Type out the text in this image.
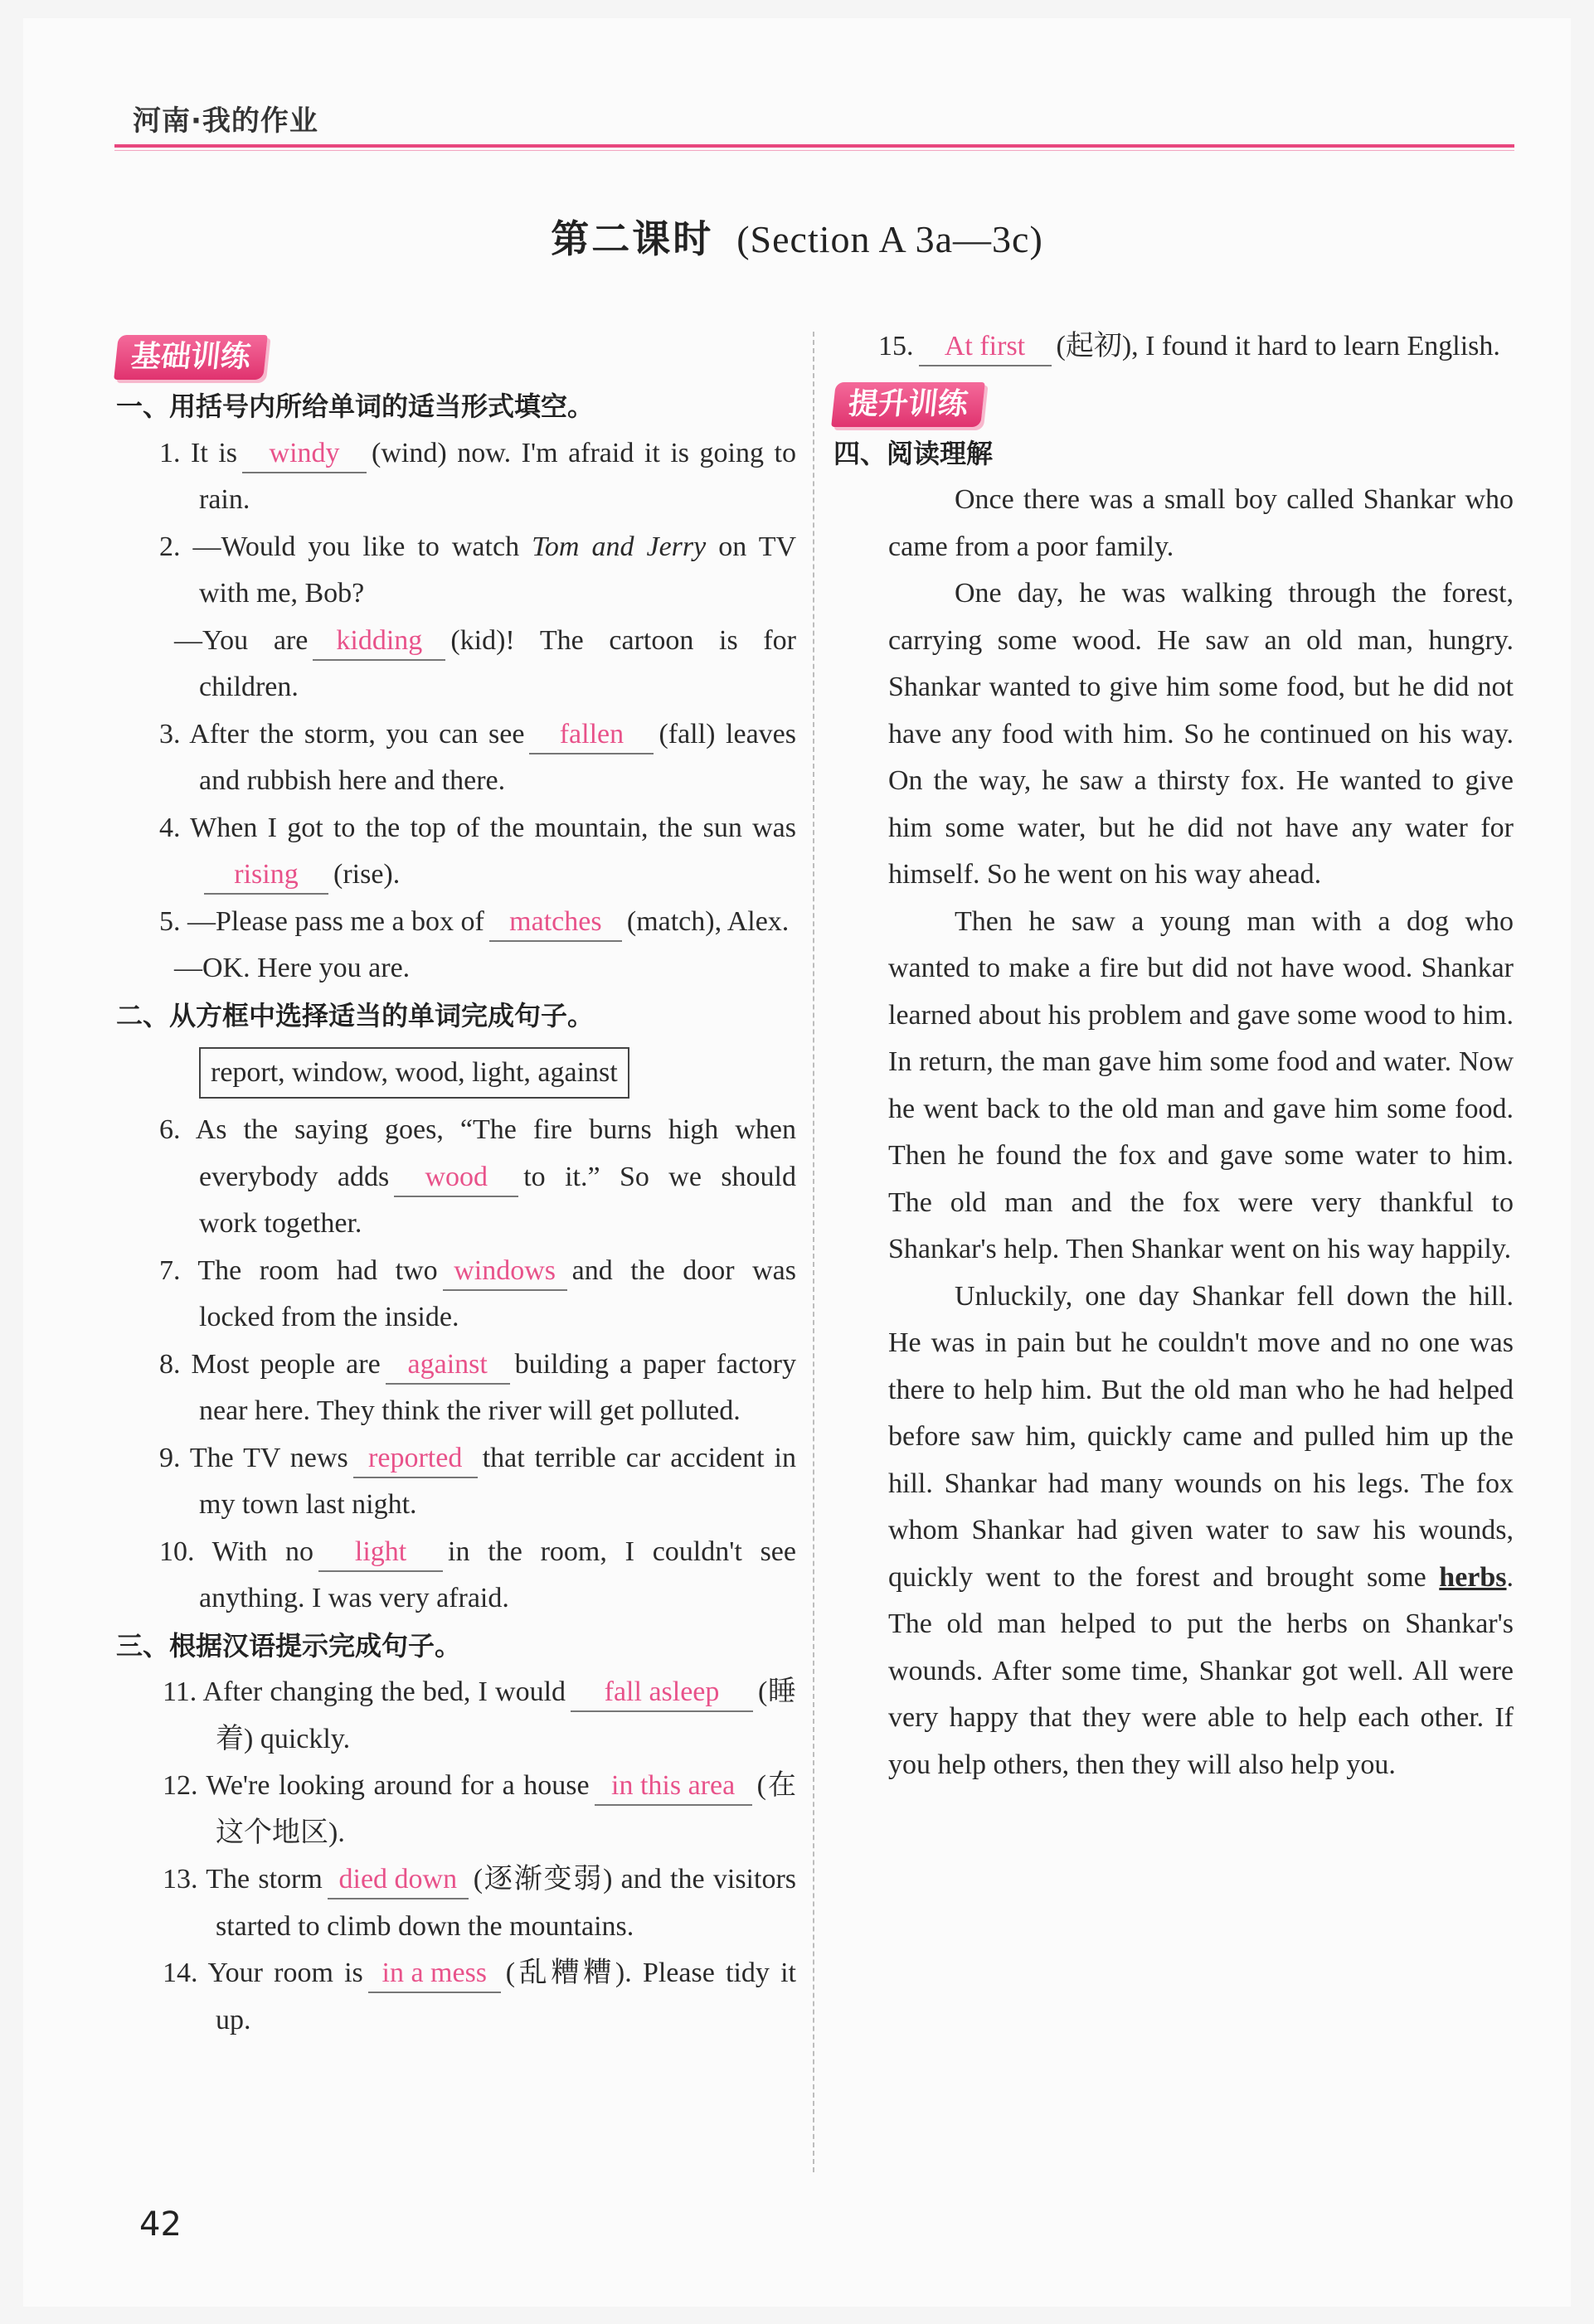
河南·我的作业
第二课时 (Section A 3a—3c)
基础训练

一、用括号内所给单词的适当形式填空。

1. It is windy (wind) now. I'm afraid it is going to rain.

2. —Would you like to watch Tom and Jerry on TV with me, Bob?

—You are kidding (kid)! The cartoon is for children.

3. After the storm, you can see fallen (fall) leaves and rubbish here and there.

4. When I got to the top of the mountain, the sun wasrising (rise).

5. —Please pass me a box of matches (match), Alex.

—OK. Here you are.

二、从方框中选择适当的单词完成句子。

report, window, wood, light, against

6. As the saying goes, “The fire burns high when everybody adds wood to it.” So we should work together.

7. The room had two windows and the door was locked from the inside.

8. Most people are against building a paper factory near here. They think the river will get polluted.

9. The TV news reported that terrible car accident in my town last night.

10. With no light in the room, I couldn't see anything. I was very afraid.

三、根据汉语提示完成句子。

11. After changing the bed, I would fall asleep (睡着) quickly.

12. We're looking around for a house in this area (在这个地区).

13. The storm died down (逐渐变弱) and the visitors started to climb down the mountains.

14. Your room is in a mess (乱糟糟). Please tidy it up.

15. At first (起初), I found it hard to learn English.

提升训练

四、阅读理解

Once there was a small boy called Shankar who came from a poor family.

One day, he was walking through the forest, carrying some wood. He saw an old man, hungry. Shankar wanted to give him some food, but he did not have any food with him. So he continued on his way. On the way, he saw a thirsty fox. He wanted to give him some water, but he did not have any water for himself. So he went on his way ahead.

Then he saw a young man with a dog who wanted to make a fire but did not have wood. Shankar learned about his problem and gave some wood to him. In return, the man gave him some food and water. Now he went back to the old man and gave him some food. Then he found the fox and gave some water to him. The old man and the fox were very thankful to Shankar's help. Then Shankar went on his way happily.

Unluckily, one day Shankar fell down the hill. He was in pain but he couldn't move and no one was there to help him. But the old man who he had helped before saw him, quickly came and pulled him up the hill. Shankar had many wounds on his legs. The fox whom Shankar had given water to saw his wounds, quickly went to the forest and brought some herbs. The old man helped to put the herbs on Shankar's wounds. After some time, Shankar got well. All were very happy that they were able to help each other. If you help others, then they will also help you.

42
